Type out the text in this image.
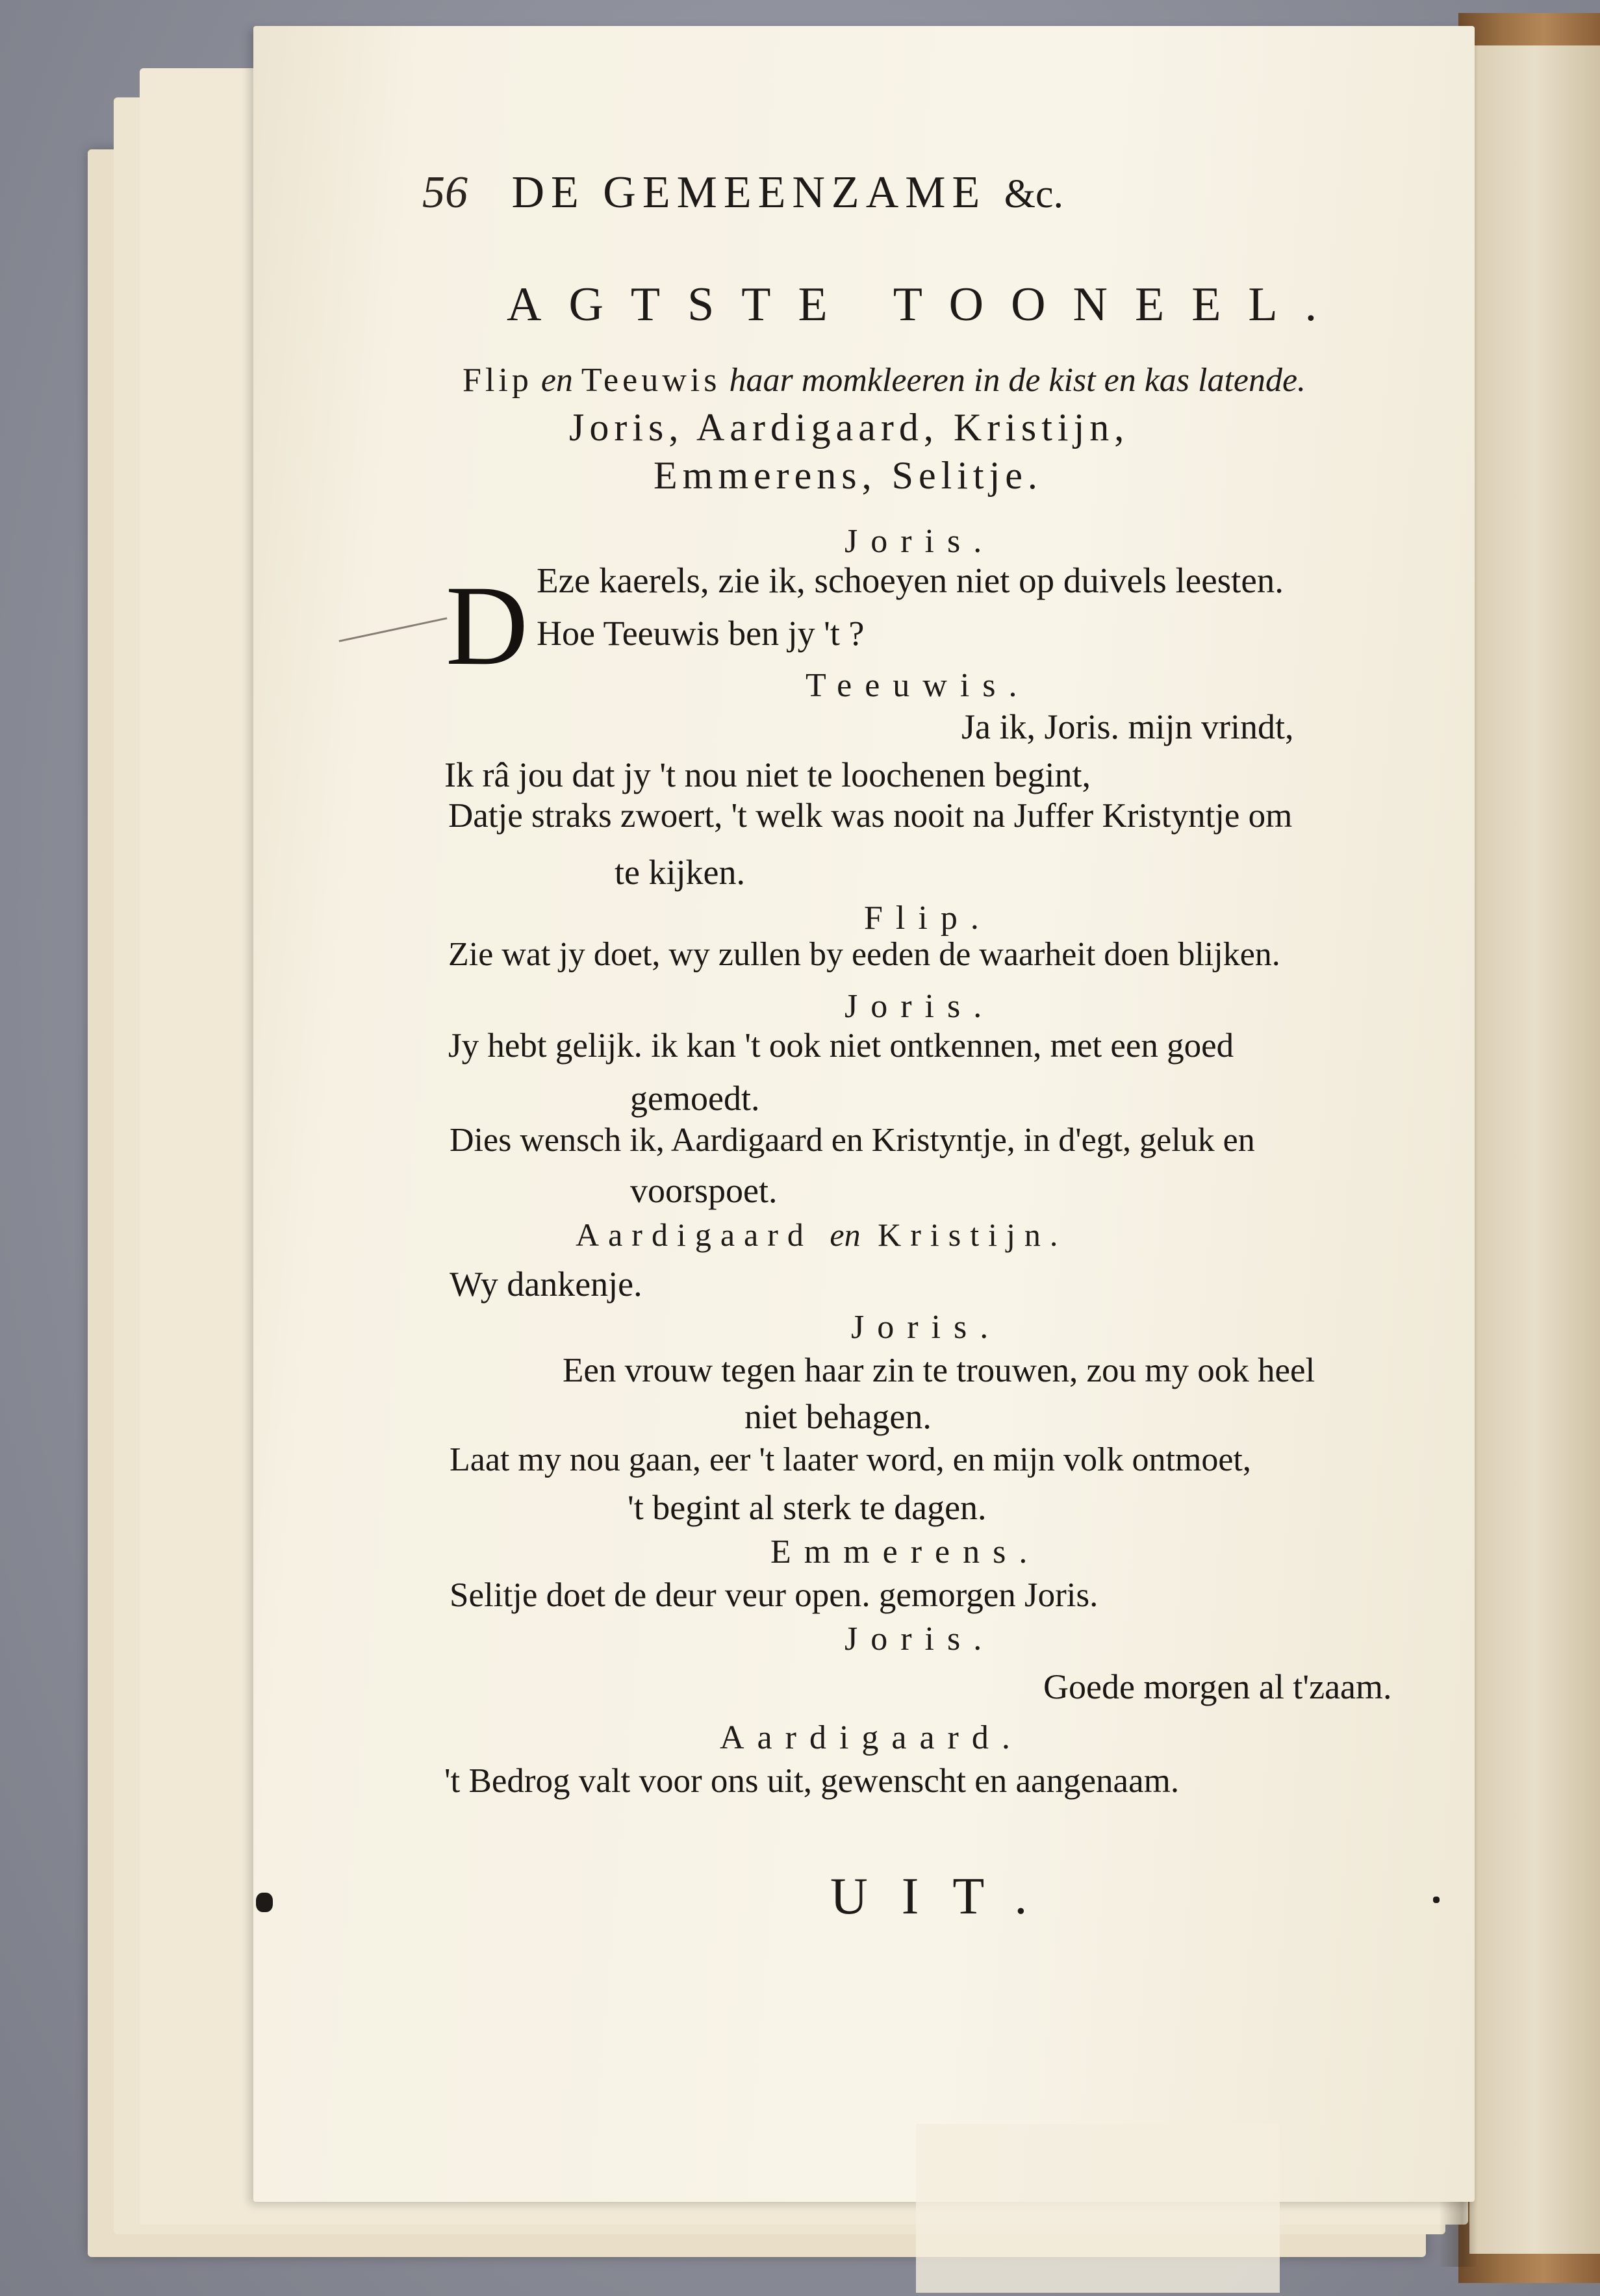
56 DE GEMEENZAME &c.
AGTSTE TOONEEL.
Flip en Teeuwis haar momkleeren in de kist en kas latende.
Joris, Aardigaard, Kristijn,
Emmerens, Selitje.
Joris.
D Eze kaerels, zie ik, schoeyen niet op duivels leesten.
Hoe Teeuwis ben jy 't ?
Teeuwis.
Ja ik, Joris. mijn vrindt,
Ik râ jou dat jy 't nou niet te loochenen begint,
Datje straks zwoert, 't welk was nooit na Juffer Kristyntje om
te kijken.
Flip.
Zie wat jy doet, wy zullen by eeden de waarheit doen blijken.
Joris.
Jy hebt gelijk. ik kan 't ook niet ontkennen, met een goed
gemoedt.
Dies wensch ik, Aardigaard en Kristyntje, in d'egt, geluk en
voorspoet.
Aardigaard en Kristijn.
Wy dankenje.
Joris.
Een vrouw tegen haar zin te trouwen, zou my ook heel
niet behagen.
Laat my nou gaan, eer 't laater word, en mijn volk ontmoet,
't begint al sterk te dagen.
Emmerens.
Selitje doet de deur veur open. gemorgen Joris.
Joris.
Goede morgen al t'zaam.
Aardigaard.
't Bedrog valt voor ons uit, gewenscht en aangenaam.
UIT.
